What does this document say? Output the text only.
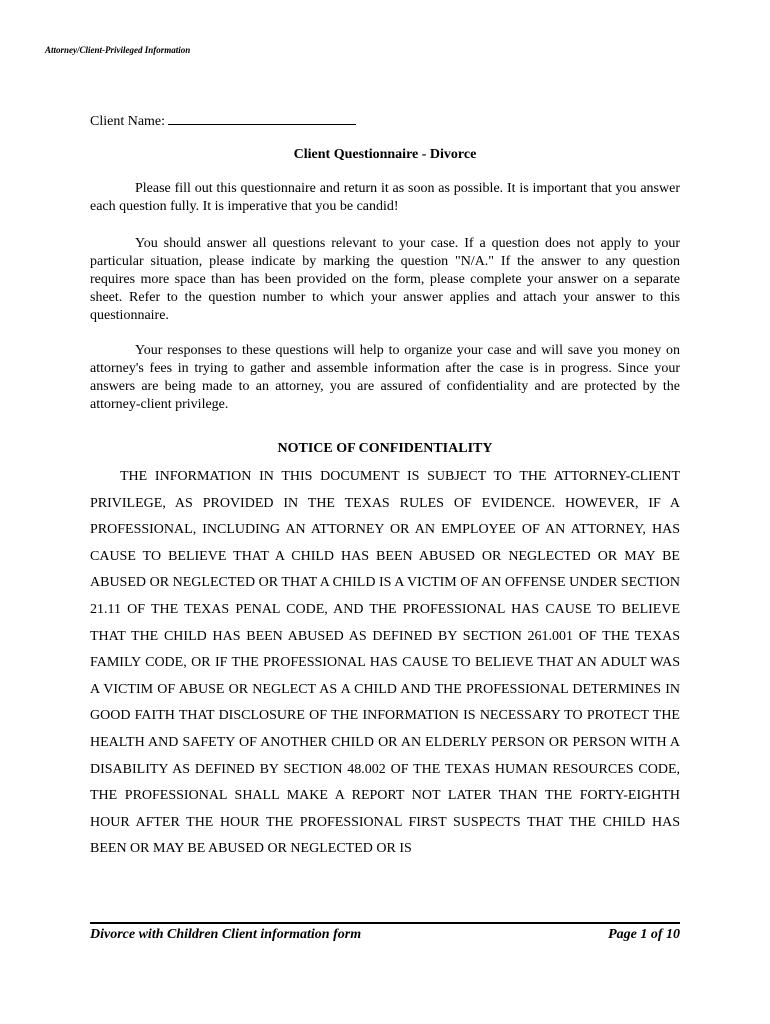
Attorney/Client-Privileged Information
Client Name:
Client Questionnaire - Divorce

Please fill out this questionnaire and return it as soon as possible. It is important that you answer each question fully. It is imperative that you be candid!

You should answer all questions relevant to your case. If a question does not apply to your particular situation, please indicate by marking the question "N/A." If the answer to any question requires more space than has been provided on the form, please complete your answer on a separate sheet. Refer to the question number to which your answer applies and attach your answer to this questionnaire.

Your responses to these questions will help to organize your case and will save you money on attorney's fees in trying to gather and assemble information after the case is in progress. Since your answers are being made to an attorney, you are assured of confidentiality and are protected by the attorney-client privilege.

NOTICE OF CONFIDENTIALITY

THE INFORMATION IN THIS DOCUMENT IS SUBJECT TO THE ATTORNEY-CLIENT PRIVILEGE, AS PROVIDED IN THE TEXAS RULES OF EVIDENCE. HOWEVER, IF A PROFESSIONAL, INCLUDING AN ATTORNEY OR AN EMPLOYEE OF AN ATTORNEY, HAS CAUSE TO BELIEVE THAT A CHILD HAS BEEN ABUSED OR NEGLECTED OR MAY BE ABUSED OR NEGLECTED OR THAT A CHILD IS A VICTIM OF AN OFFENSE UNDER SECTION 21.11 OF THE TEXAS PENAL CODE, AND THE PROFESSIONAL HAS CAUSE TO BELIEVE THAT THE CHILD HAS BEEN ABUSED AS DEFINED BY SECTION 261.001 OF THE TEXAS FAMILY CODE, OR IF THE PROFESSIONAL HAS CAUSE TO BELIEVE THAT AN ADULT WAS A VICTIM OF ABUSE OR NEGLECT AS A CHILD AND THE PROFESSIONAL DETERMINES IN GOOD FAITH THAT DISCLOSURE OF THE INFORMATION IS NECESSARY TO PROTECT THE HEALTH AND SAFETY OF ANOTHER CHILD OR AN ELDERLY PERSON OR PERSON WITH A DISABILITY AS DEFINED BY SECTION 48.002 OF THE TEXAS HUMAN RESOURCES CODE, THE PROFESSIONAL SHALL MAKE A REPORT NOT LATER THAN THE FORTY-EIGHTH HOUR AFTER THE HOUR THE PROFESSIONAL FIRST SUSPECTS THAT THE CHILD HAS BEEN OR MAY BE ABUSED OR NEGLECTED OR IS

Divorce with Children Client information form	Page 1 of 10
